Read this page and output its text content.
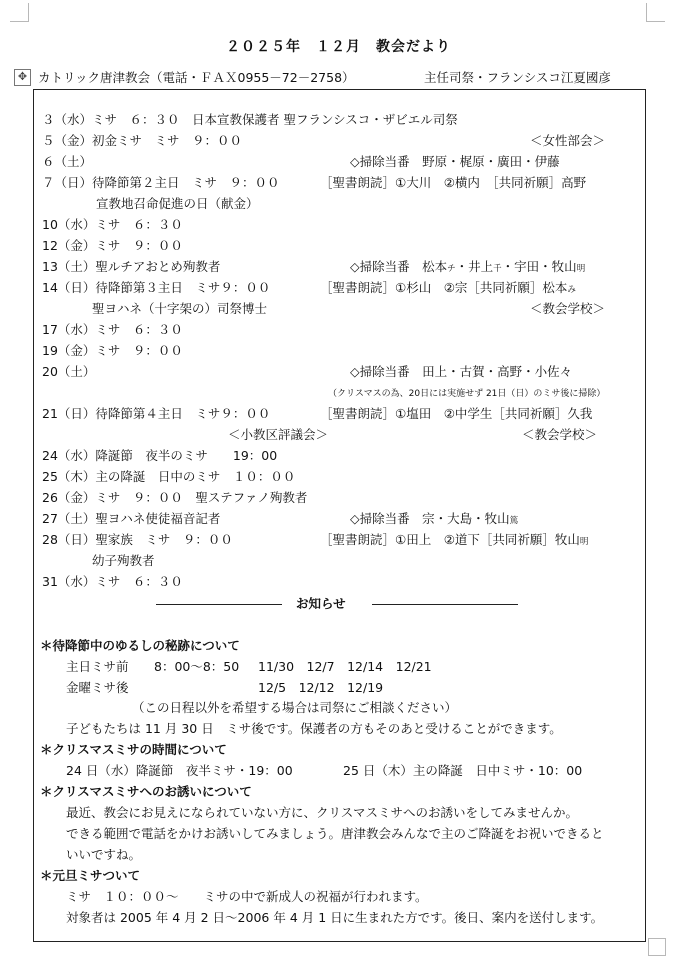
２０２５年　１２月　教会だより
✥ カトリック唐津教会（電話・ＦＡＸ0955－72－2758）	主任司祭・フランシスコ江夏國彦
３（水）ミサ　６：３０　日本宣教保護者 聖フランシスコ・ザビエル司祭
５（金）初金ミサ　ミサ　９：００	＜女性部会＞
６（土）	◇掃除当番　野原・梶原・廣田・伊藤
７（日）待降節第２主日　ミサ　９：００	［聖書朗読］①大川　②横内　［共同祈願］高野
宣教地召命促進の日（献金）
10（水）ミサ　６：３０
12（金）ミサ　９：００
13（土）聖ルチアおとめ殉教者	◇掃除当番　松本チ・井上千・宇田・牧山明
14（日）待降節第３主日　ミサ９：００	［聖書朗読］①杉山　②宗［共同祈願］松本み
聖ヨハネ（十字架の）司祭博士	＜教会学校＞
17（水）ミサ　６：３０
19（金）ミサ　９：００
20（土）	◇掃除当番　田上・古賀・高野・小佐々
（クリスマスの為、20日には実施せず 21日（日）のミサ後に掃除）
21（日）待降節第４主日　ミサ９：００	［聖書朗読］①塩田　②中学生［共同祈願］久我
＜小教区評議会＞	＜教会学校＞
24（水）降誕節　夜半のミサ　　19：00
25（木）主の降誕　日中のミサ　１０：００
26（金）ミサ　９：００　聖ステファノ殉教者
27（土）聖ヨハネ使徒福音記者	◇掃除当番　宗・大島・牧山篤
28（日）聖家族　ミサ　９：００	［聖書朗読］①田上　②道下［共同祈願］牧山明
幼子殉教者
31（水）ミサ　６：３０
お知らせ
＊待降節中のゆるしの秘跡について
主日ミサ前 8：00～8：50 11/30　12/7　12/14　12/21
金曜ミサ後	12/5　12/12　12/19
（この日程以外を希望する場合は司祭にご相談ください）
子どもたちは 11 月 30 日　ミサ後です。保護者の方もそのあと受けることができます。
＊クリスマスミサの時間について
24 日（水）降誕節　夜半ミサ・19：00	25 日（木）主の降誕　日中ミサ・10：00
＊クリスマスミサへのお誘いについて
最近、教会にお見えになられていない方に、クリスマスミサへのお誘いをしてみませんか。
できる範囲で電話をかけお誘いしてみましょう。唐津教会みんなで主のご降誕をお祝いできると
いいですね。
＊元旦ミサついて
ミサ　１０：００～　　ミサの中で新成人の祝福が行われます。
対象者は 2005 年 4 月 2 日～2006 年 4 月 1 日に生まれた方です。後日、案内を送付します。
